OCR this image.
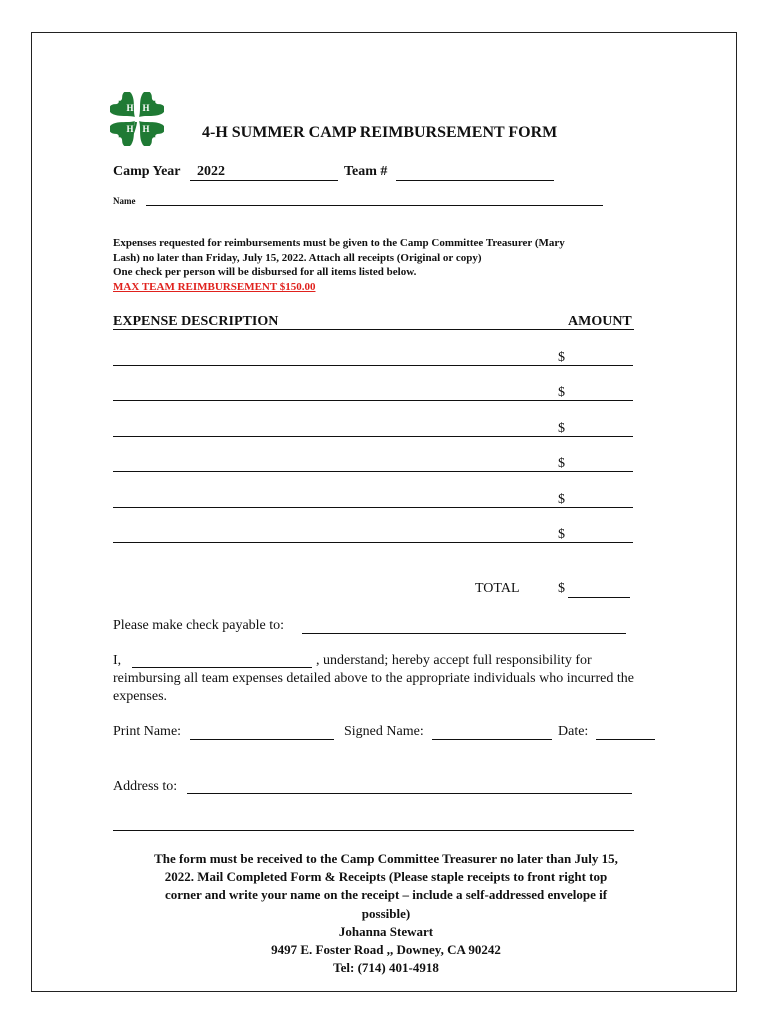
H H
H H	4-H SUMMER CAMP REIMBURSEMENT FORM
Camp Year 2022	Team #
Name
Expenses requested for reimbursements must be given to the Camp Committee Treasurer (Mary
Lash) no later than Friday, July 15, 2022. Attach all receipts (Original or copy)
One check per person will be disbursed for all items listed below.
MAX TEAM REIMBURSEMENT $150.00
EXPENSE DESCRIPTION	AMOUNT
$
$
$
$
$
$
TOTAL	$
Please make check payable to:
I,	, understand; hereby accept full responsibility for
reimbursing all team expenses detailed above to the appropriate individuals who incurred the expenses.
Print Name:	Signed Name:	Date:
Address to:
The form must be received to the Camp Committee Treasurer no later than July 15,
2022. Mail Completed Form & Receipts (Please staple receipts to front right top
corner and write your name on the receipt – include a self-addressed envelope if
possible)
Johanna Stewart
9497 E. Foster Road ,, Downey, CA 90242
Tel: (714) 401-4918
